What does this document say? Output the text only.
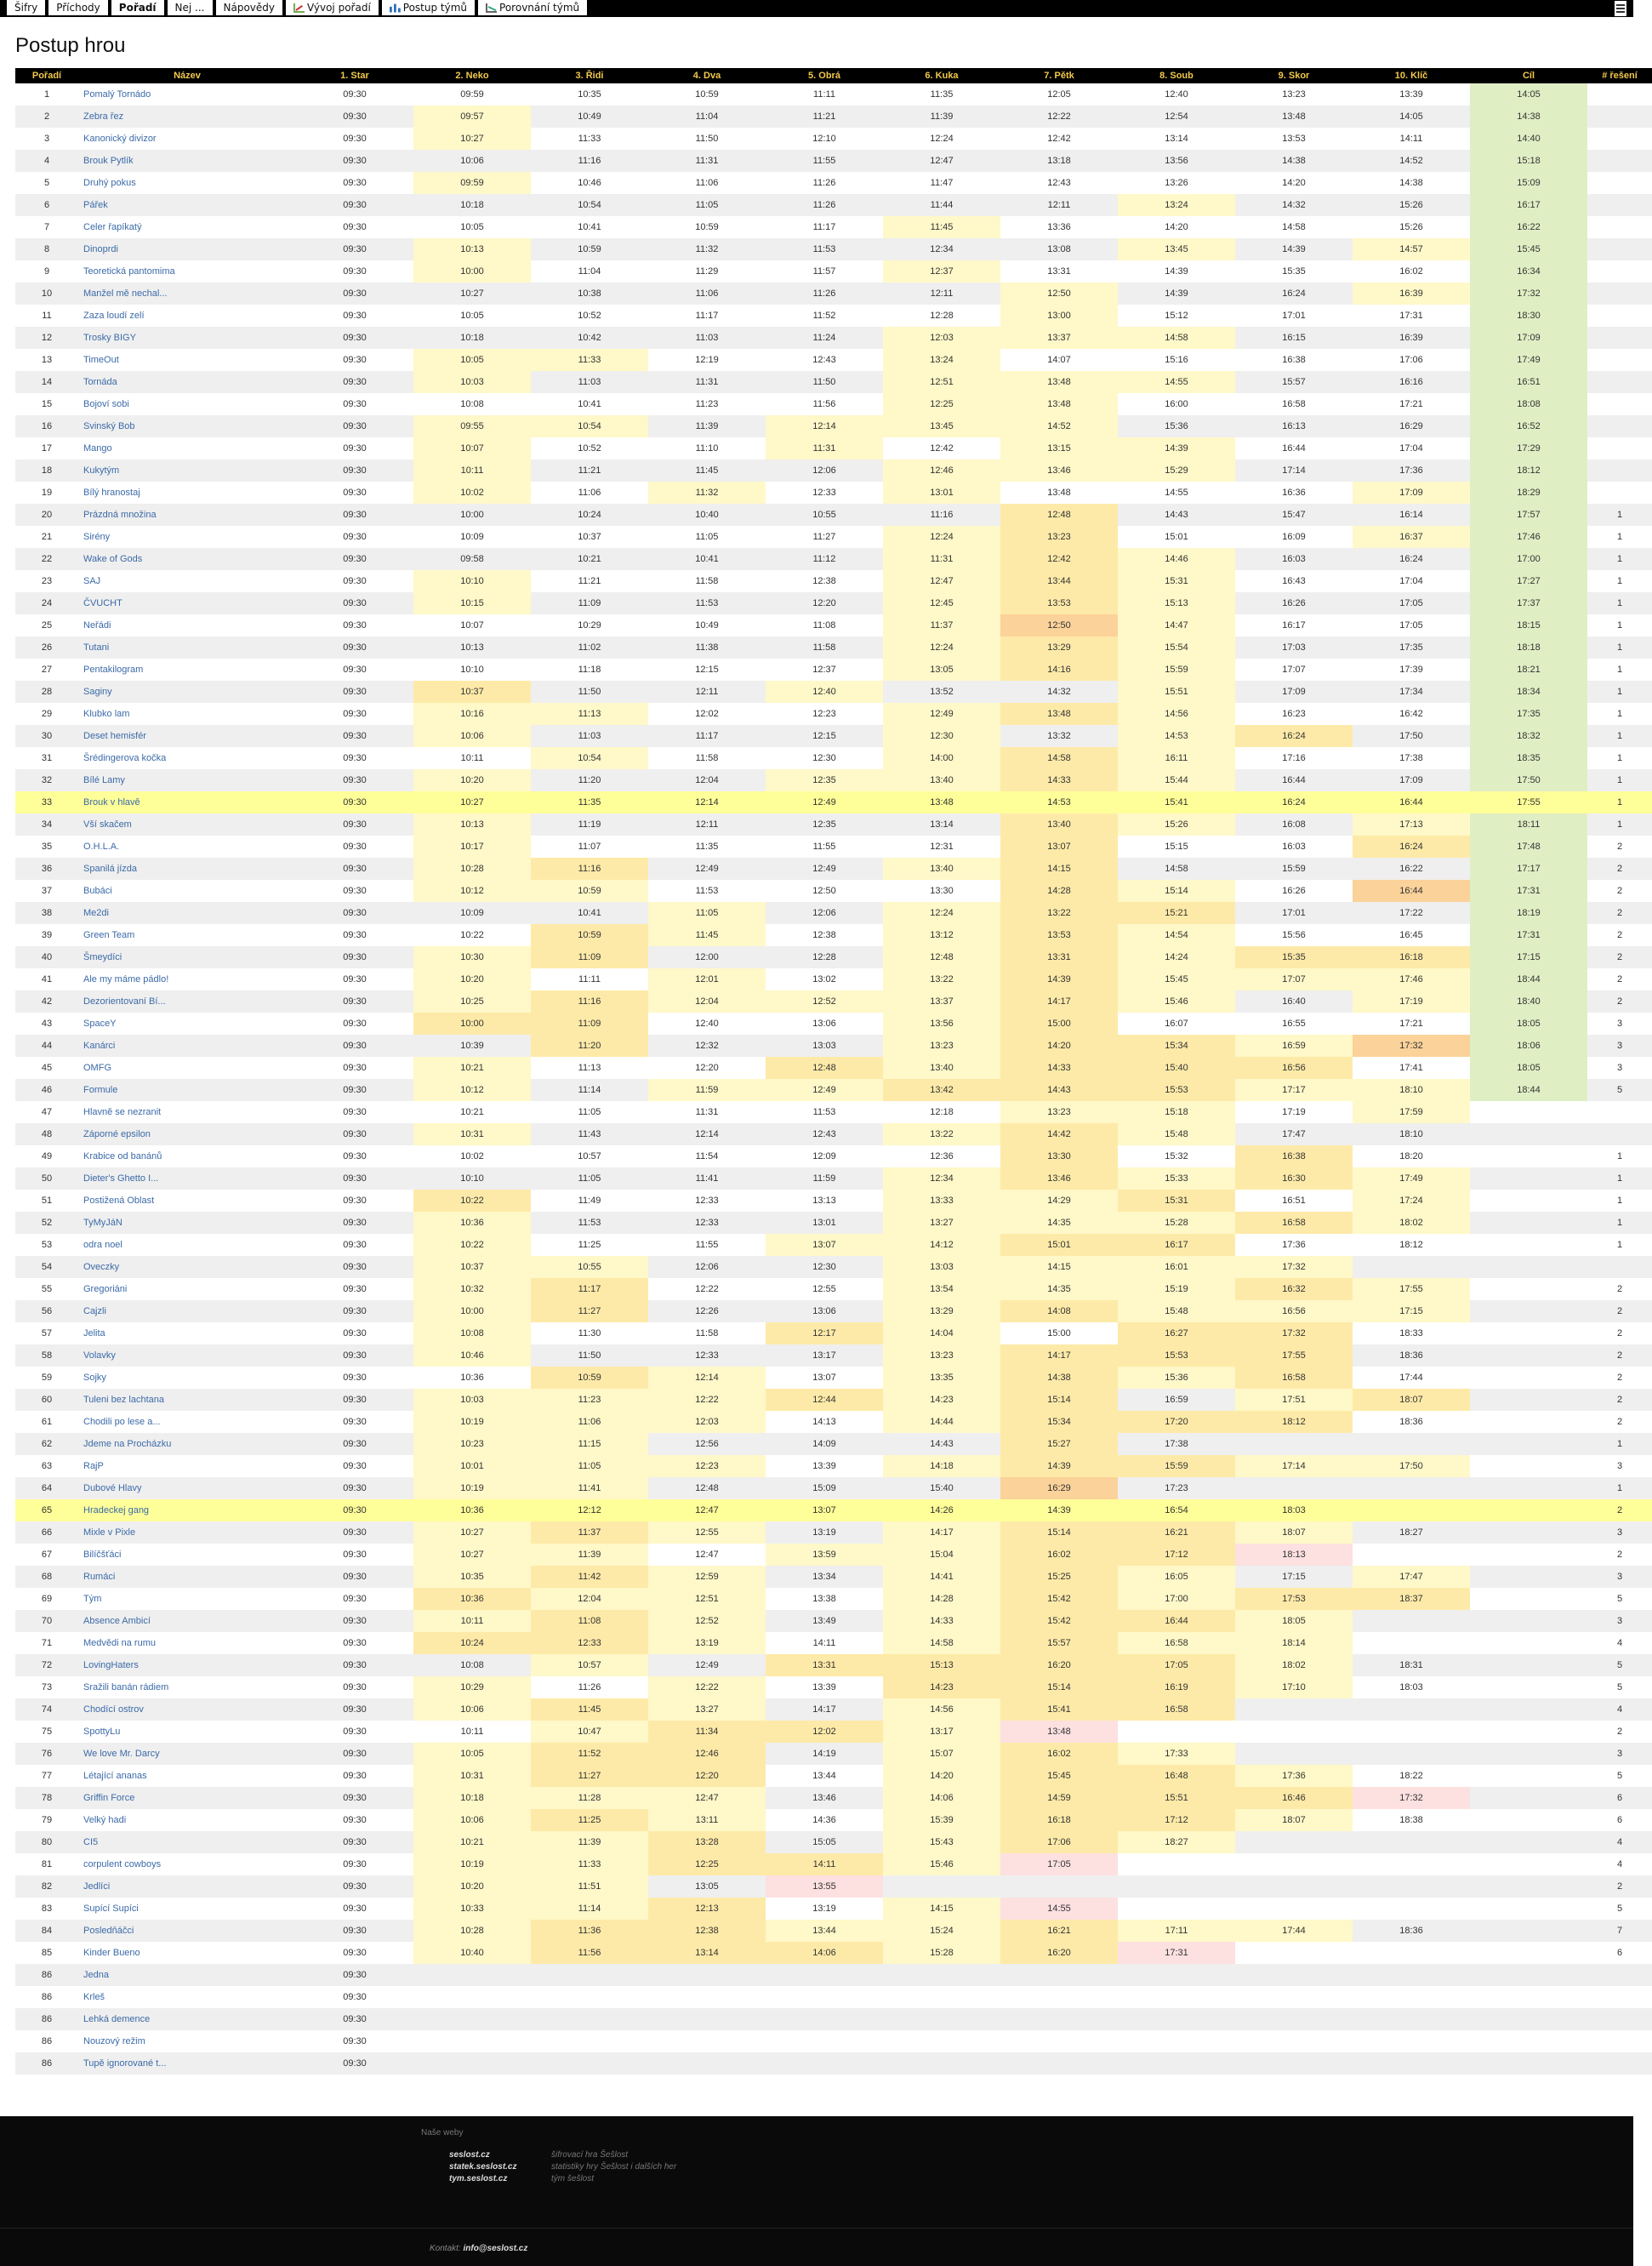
Šifry Příchody Pořadí Nej ... Nápovědy	Vývoj pořadí	Postup týmů	Porovnání týmů
Postup hrou
Pořadí	Název	1. Star	2. Neko	3. Řidi	4. Dva	5. Obrá	6. Kuka	7. Pětk	8. Soub	9. Skor	10. Klíč	Cíl	# řešení
1	Pomalý Tornádo	09:30	09:59	10:35	10:59	11:11	11:35	12:05	12:40	13:23	13:39	14:05	
2	Zebra řez	09:30	09:57	10:49	11:04	11:21	11:39	12:22	12:54	13:48	14:05	14:38	
3	Kanonický divizor	09:30	10:27	11:33	11:50	12:10	12:24	12:42	13:14	13:53	14:11	14:40	
4	Brouk Pytlík	09:30	10:06	11:16	11:31	11:55	12:47	13:18	13:56	14:38	14:52	15:18	
5	Druhý pokus	09:30	09:59	10:46	11:06	11:26	11:47	12:43	13:26	14:20	14:38	15:09	
6	Pářek	09:30	10:18	10:54	11:05	11:26	11:44	12:11	13:24	14:32	15:26	16:17	
7	Celer řapíkatý	09:30	10:05	10:41	10:59	11:17	11:45	13:36	14:20	14:58	15:26	16:22	
8	Dinoprdi	09:30	10:13	10:59	11:32	11:53	12:34	13:08	13:45	14:39	14:57	15:45	
9	Teoretická pantomima	09:30	10:00	11:04	11:29	11:57	12:37	13:31	14:39	15:35	16:02	16:34	
10	Manžel mě nechal...	09:30	10:27	10:38	11:06	11:26	12:11	12:50	14:39	16:24	16:39	17:32	
11	Zaza loudí zelí	09:30	10:05	10:52	11:17	11:52	12:28	13:00	15:12	17:01	17:31	18:30	
12	Trosky BIGY	09:30	10:18	10:42	11:03	11:24	12:03	13:37	14:58	16:15	16:39	17:09	
13	TimeOut	09:30	10:05	11:33	12:19	12:43	13:24	14:07	15:16	16:38	17:06	17:49	
14	Tornáda	09:30	10:03	11:03	11:31	11:50	12:51	13:48	14:55	15:57	16:16	16:51	
15	Bojoví sobi	09:30	10:08	10:41	11:23	11:56	12:25	13:48	16:00	16:58	17:21	18:08	
16	Svinský Bob	09:30	09:55	10:54	11:39	12:14	13:45	14:52	15:36	16:13	16:29	16:52	
17	Mango	09:30	10:07	10:52	11:10	11:31	12:42	13:15	14:39	16:44	17:04	17:29	
18	Kukytým	09:30	10:11	11:21	11:45	12:06	12:46	13:46	15:29	17:14	17:36	18:12	
19	Bílý hranostaj	09:30	10:02	11:06	11:32	12:33	13:01	13:48	14:55	16:36	17:09	18:29	
20	Prázdná množina	09:30	10:00	10:24	10:40	10:55	11:16	12:48	14:43	15:47	16:14	17:57	1
21	Sirény	09:30	10:09	10:37	11:05	11:27	12:24	13:23	15:01	16:09	16:37	17:46	1
22	Wake of Gods	09:30	09:58	10:21	10:41	11:12	11:31	12:42	14:46	16:03	16:24	17:00	1
23	SAJ	09:30	10:10	11:21	11:58	12:38	12:47	13:44	15:31	16:43	17:04	17:27	1
24	ČVUCHT	09:30	10:15	11:09	11:53	12:20	12:45	13:53	15:13	16:26	17:05	17:37	1
25	Neřádi	09:30	10:07	10:29	10:49	11:08	11:37	12:50	14:47	16:17	17:05	18:15	1
26	Tutani	09:30	10:13	11:02	11:38	11:58	12:24	13:29	15:54	17:03	17:35	18:18	1
27	Pentakilogram	09:30	10:10	11:18	12:15	12:37	13:05	14:16	15:59	17:07	17:39	18:21	1
28	Saginy	09:30	10:37	11:50	12:11	12:40	13:52	14:32	15:51	17:09	17:34	18:34	1
29	Klubko lam	09:30	10:16	11:13	12:02	12:23	12:49	13:48	14:56	16:23	16:42	17:35	1
30	Deset hemisfér	09:30	10:06	11:03	11:17	12:15	12:30	13:32	14:53	16:24	17:50	18:32	1
31	Šrédingerova kočka	09:30	10:11	10:54	11:58	12:30	14:00	14:58	16:11	17:16	17:38	18:35	1
32	Bílé Lamy	09:30	10:20	11:20	12:04	12:35	13:40	14:33	15:44	16:44	17:09	17:50	1
33	Brouk v hlavě	09:30	10:27	11:35	12:14	12:49	13:48	14:53	15:41	16:24	16:44	17:55	1
34	Vší skačem	09:30	10:13	11:19	12:11	12:35	13:14	13:40	15:26	16:08	17:13	18:11	1
35	O.H.L.A.	09:30	10:17	11:07	11:35	11:55	12:31	13:07	15:15	16:03	16:24	17:48	2
36	Spanilá jízda	09:30	10:28	11:16	12:49	12:49	13:40	14:15	14:58	15:59	16:22	17:17	2
37	Bubáci	09:30	10:12	10:59	11:53	12:50	13:30	14:28	15:14	16:26	16:44	17:31	2
38	Me2di	09:30	10:09	10:41	11:05	12:06	12:24	13:22	15:21	17:01	17:22	18:19	2
39	Green Team	09:30	10:22	10:59	11:45	12:38	13:12	13:53	14:54	15:56	16:45	17:31	2
40	Šmeydíci	09:30	10:30	11:09	12:00	12:28	12:48	13:31	14:24	15:35	16:18	17:15	2
41	Ale my máme pádlo!	09:30	10:20	11:11	12:01	13:02	13:22	14:39	15:45	17:07	17:46	18:44	2
42	Dezorientovaní Bí...	09:30	10:25	11:16	12:04	12:52	13:37	14:17	15:46	16:40	17:19	18:40	2
43	SpaceY	09:30	10:00	11:09	12:40	13:06	13:56	15:00	16:07	16:55	17:21	18:05	3
44	Kanárci	09:30	10:39	11:20	12:32	13:03	13:23	14:20	15:34	16:59	17:32	18:06	3
45	OMFG	09:30	10:21	11:13	12:20	12:48	13:40	14:33	15:40	16:56	17:41	18:05	3
46	Formule	09:30	10:12	11:14	11:59	12:49	13:42	14:43	15:53	17:17	18:10	18:44	5
47	Hlavně se nezranit	09:30	10:21	11:05	11:31	11:53	12:18	13:23	15:18	17:19	17:59		
48	Záporné epsilon	09:30	10:31	11:43	12:14	12:43	13:22	14:42	15:48	17:47	18:10		
49	Krabice od banánů	09:30	10:02	10:57	11:54	12:09	12:36	13:30	15:32	16:38	18:20		1
50	Dieter's Ghetto I...	09:30	10:10	11:05	11:41	11:59	12:34	13:46	15:33	16:30	17:49		1
51	Postižená Oblast	09:30	10:22	11:49	12:33	13:13	13:33	14:29	15:31	16:51	17:24		1
52	TyMyJáN	09:30	10:36	11:53	12:33	13:01	13:27	14:35	15:28	16:58	18:02		1
53	odra noel	09:30	10:22	11:25	11:55	13:07	14:12	15:01	16:17	17:36	18:12		1
54	Oveczky	09:30	10:37	10:55	12:06	12:30	13:03	14:15	16:01	17:32			
55	Gregoriáni	09:30	10:32	11:17	12:22	12:55	13:54	14:35	15:19	16:32	17:55		2
56	Cajzli	09:30	10:00	11:27	12:26	13:06	13:29	14:08	15:48	16:56	17:15		2
57	Jelita	09:30	10:08	11:30	11:58	12:17	14:04	15:00	16:27	17:32	18:33		2
58	Volavky	09:30	10:46	11:50	12:33	13:17	13:23	14:17	15:53	17:55	18:36		2
59	Sojky	09:30	10:36	10:59	12:14	13:07	13:35	14:38	15:36	16:58	17:44		2
60	Tuleni bez lachtana	09:30	10:03	11:23	12:22	12:44	14:23	15:14	16:59	17:51	18:07		2
61	Chodili po lese a...	09:30	10:19	11:06	12:03	14:13	14:44	15:34	17:20	18:12	18:36		2
62	Jdeme na Procházku	09:30	10:23	11:15	12:56	14:09	14:43	15:27	17:38				1
63	RajP	09:30	10:01	11:05	12:23	13:39	14:18	14:39	15:59	17:14	17:50		3
64	Dubové Hlavy	09:30	10:19	11:41	12:48	15:09	15:40	16:29	17:23				1
65	Hradeckej gang	09:30	10:36	12:12	12:47	13:07	14:26	14:39	16:54	18:03			2
66	Mixle v Pixle	09:30	10:27	11:37	12:55	13:19	14:17	15:14	16:21	18:07	18:27		3
67	Bilíčšťáci	09:30	10:27	11:39	12:47	13:59	15:04	16:02	17:12	18:13			2
68	Rumáci	09:30	10:35	11:42	12:59	13:34	14:41	15:25	16:05	17:15	17:47		3
69	Tým	09:30	10:36	12:04	12:51	13:38	14:28	15:42	17:00	17:53	18:37		5
70	Absence Ambicí	09:30	10:11	11:08	12:52	13:49	14:33	15:42	16:44	18:05			3
71	Medvědi na rumu	09:30	10:24	12:33	13:19	14:11	14:58	15:57	16:58	18:14			4
72	LovingHaters	09:30	10:08	10:57	12:49	13:31	15:13	16:20	17:05	18:02	18:31		5
73	Sražili banán rádiem	09:30	10:29	11:26	12:22	13:39	14:23	15:14	16:19	17:10	18:03		5
74	Chodící ostrov	09:30	10:06	11:45	13:27	14:17	14:56	15:41	16:58				4
75	SpottyLu	09:30	10:11	10:47	11:34	12:02	13:17	13:48					2
76	We love Mr. Darcy	09:30	10:05	11:52	12:46	14:19	15:07	16:02	17:33				3
77	Létající ananas	09:30	10:31	11:27	12:20	13:44	14:20	15:45	16:48	17:36	18:22		5
78	Griffin Force	09:30	10:18	11:28	12:47	13:46	14:06	14:59	15:51	16:46	17:32		6
79	Velký hadi	09:30	10:06	11:25	13:11	14:36	15:39	16:18	17:12	18:07	18:38		6
80	CI5	09:30	10:21	11:39	13:28	15:05	15:43	17:06	18:27				4
81	corpulent cowboys	09:30	10:19	11:33	12:25	14:11	15:46	17:05					4
82	Jedlíci	09:30	10:20	11:51	13:05	13:55							2
83	Supící Supíci	09:30	10:33	11:14	12:13	13:19	14:15	14:55					5
84	Posledňáčci	09:30	10:28	11:36	12:38	13:44	15:24	16:21	17:11	17:44	18:36		7
85	Kinder Bueno	09:30	10:40	11:56	13:14	14:06	15:28	16:20	17:31				6
86	Jedna	09:30											
86	Krleš	09:30											
86	Lehká demence	09:30											
86	Nouzový režim	09:30											
86	Tupě ignorované t...	09:30											
Naše weby
seslost.cz	šifrovací hra Šešlost
statek.seslost.cz	statistiky hry Šešlost i dalších her
tym.seslost.cz	tým šešlost
Kontakt: info@seslost.cz
